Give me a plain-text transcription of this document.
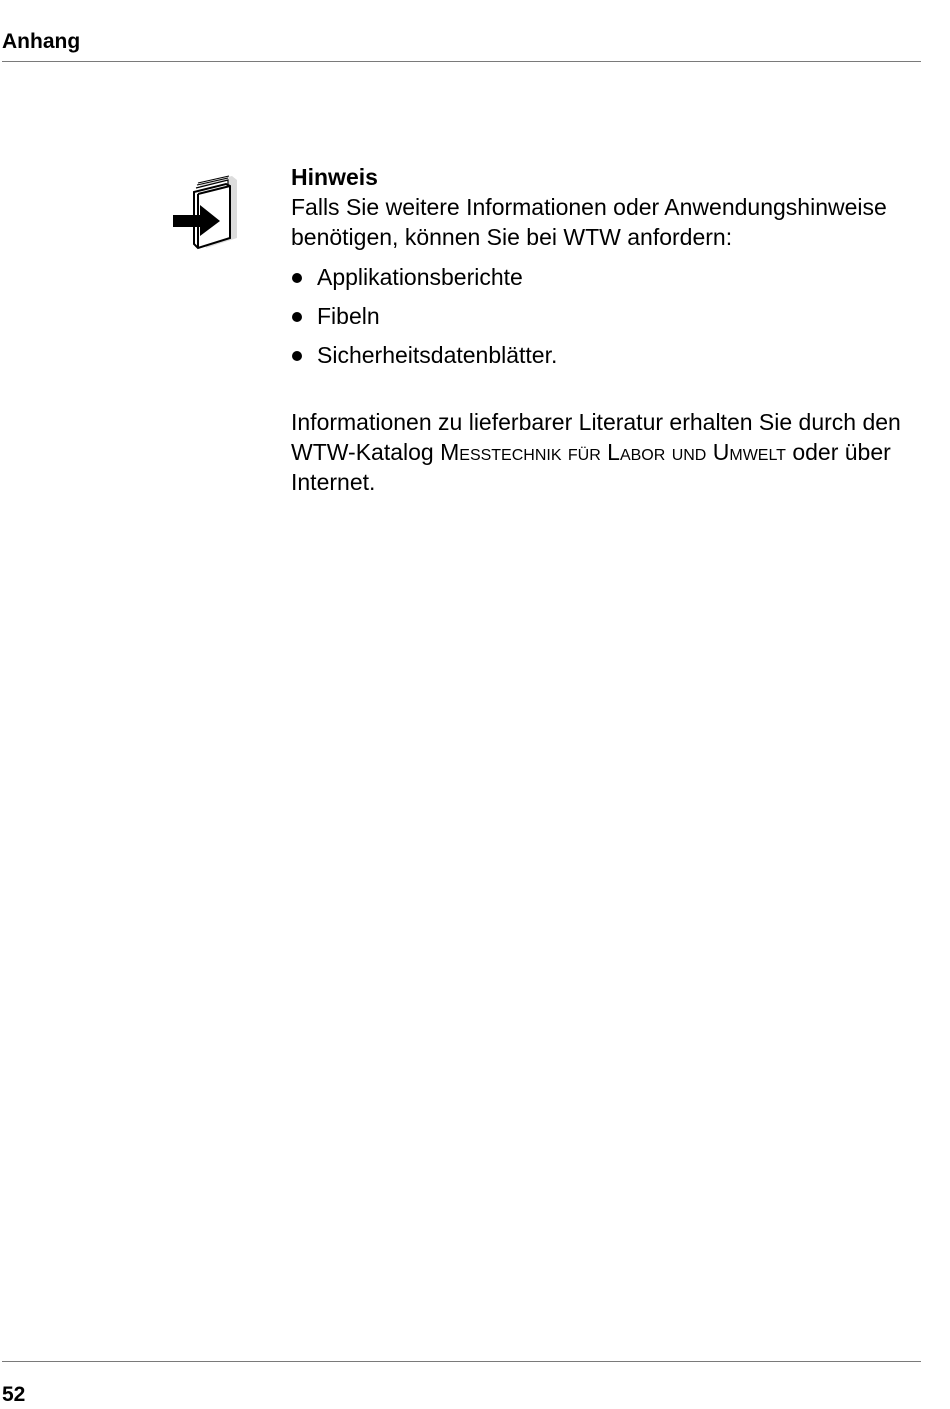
Anhang
Hinweis
Falls Sie weitere Informationen oder Anwendungshinweise benötigen, können Sie bei WTW anfordern:
Applikationsberichte
Fibeln
Sicherheitsdatenblätter.

Informationen zu lieferbarer Literatur erhalten Sie durch den WTW-Katalog Messtechnik für Labor und Umwelt oder über Internet.

52
